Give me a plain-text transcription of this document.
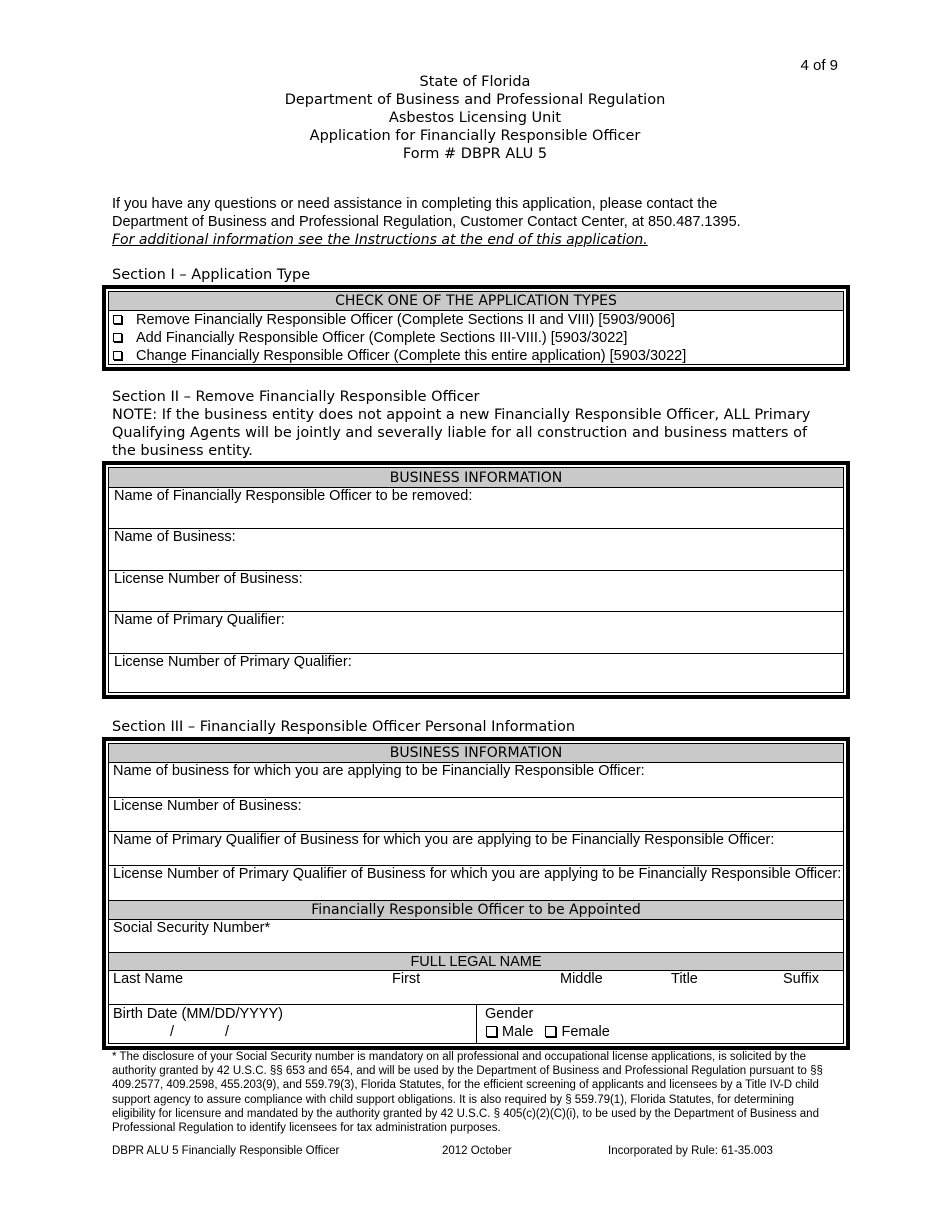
4 of 9
State of Florida
Department of Business and Professional Regulation
Asbestos Licensing Unit
Application for Financially Responsible Officer
Form # DBPR ALU 5
If you have any questions or need assistance in completing this application, please contact the
Department of Business and Professional Regulation, Customer Contact Center, at 850.487.1395.
For additional information see the Instructions at the end of this application.
Section I – Application Type
CHECK ONE OF THE APPLICATION TYPES
Remove Financially Responsible Officer (Complete Sections II and VIII) [5903/9006]
Add Financially Responsible Officer (Complete Sections III-VIII.) [5903/3022]
Change Financially Responsible Officer (Complete this entire application) [5903/3022]
Section II – Remove Financially Responsible Officer
NOTE: If the business entity does not appoint a new Financially Responsible Officer, ALL Primary
Qualifying Agents will be jointly and severally liable for all construction and business matters of
the business entity.
BUSINESS INFORMATION
Name of Financially Responsible Officer to be removed:
Name of Business:
License Number of Business:
Name of Primary Qualifier:
License Number of Primary Qualifier:
Section III – Financially Responsible Officer Personal Information
BUSINESS INFORMATION
Name of business for which you are applying to be Financially Responsible Officer:
License Number of Business:
Name of Primary Qualifier of Business for which you are applying to be Financially Responsible Officer:
License Number of Primary Qualifier of Business for which you are applying to be Financially Responsible Officer:
Financially Responsible Officer to be Appointed
Social Security Number*
FULL LEGAL NAME
Last Name	First	Middle	Title	Suffix
Birth Date (MM/DD/YYYY)
/	/
Gender
Male Female
* The disclosure of your Social Security number is mandatory on all professional and occupational license applications, is solicited by the authority granted by 42 U.S.C. §§ 653 and 654, and will be used by the Department of Business and Professional Regulation pursuant to §§ 409.2577, 409.2598, 455.203(9), and 559.79(3), Florida Statutes, for the efficient screening of applicants and licensees by a Title IV-D child support agency to assure compliance with child support obligations. It is also required by § 559.79(1), Florida Statutes, for determining eligibility for licensure and mandated by the authority granted by 42 U.S.C. § 405(c)(2)(C)(i), to be used by the Department of Business and Professional Regulation to identify licensees for tax administration purposes.
DBPR ALU 5 Financially Responsible Officer	2012 October	Incorporated by Rule: 61-35.003
